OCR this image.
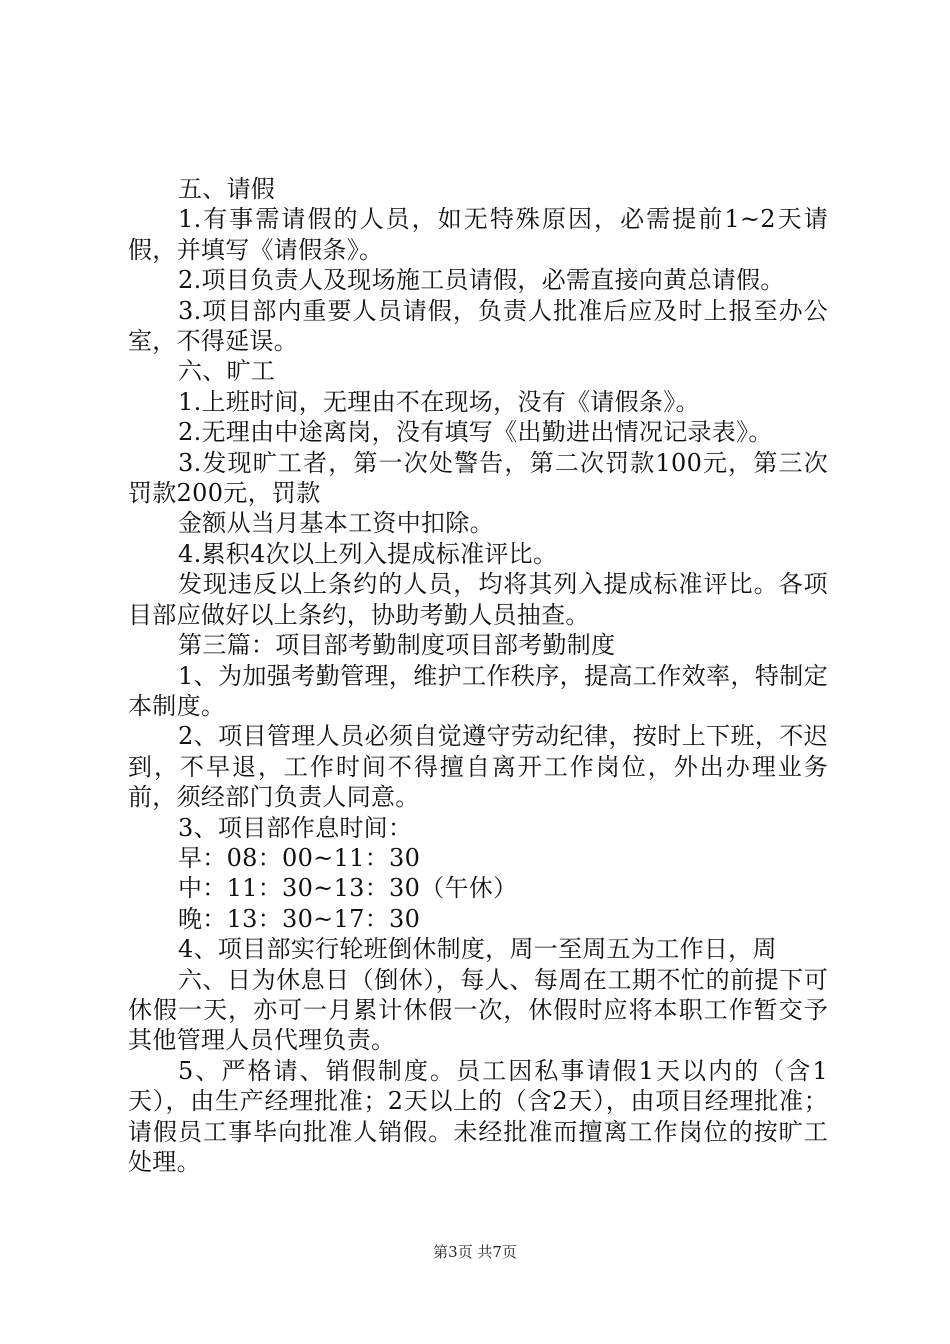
五、请假

1.有事需请假的人员，如无特殊原因，必需提前1~2天请假，并填写《请假条》。

2.项目负责人及现场施工员请假，必需直接向黄总请假。

3.项目部内重要人员请假，负责人批准后应及时上报至办公室，不得延误。

六、旷工

1.上班时间，无理由不在现场，没有《请假条》。

2.无理由中途离岗，没有填写《出勤进出情况记录表》。

3.发现旷工者，第一次处警告，第二次罚款100元，第三次罚款200元，罚款

金额从当月基本工资中扣除。

4.累积4次以上列入提成标准评比。

发现违反以上条约的人员，均将其列入提成标准评比。各项目部应做好以上条约，协助考勤人员抽查。

第三篇：项目部考勤制度项目部考勤制度

1、为加强考勤管理，维护工作秩序，提高工作效率，特制定本制度。

2、项目管理人员必须自觉遵守劳动纪律，按时上下班，不迟到，不早退，工作时间不得擅自离开工作岗位，外出办理业务前，须经部门负责人同意。

3、项目部作息时间：

早：08：00~11：30

中：11：30~13：30（午休）

晚：13：30~17：30

4、项目部实行轮班倒休制度，周一至周五为工作日，周

六、日为休息日（倒休），每人、每周在工期不忙的前提下可休假一天，亦可一月累计休假一次，休假时应将本职工作暂交予其他管理人员代理负责。

5、严格请、销假制度。员工因私事请假1天以内的（含1天），由生产经理批准；2天以上的（含2天），由项目经理批准；请假员工事毕向批准人销假。未经批准而擅离工作岗位的按旷工处理。

第3页 共7页
